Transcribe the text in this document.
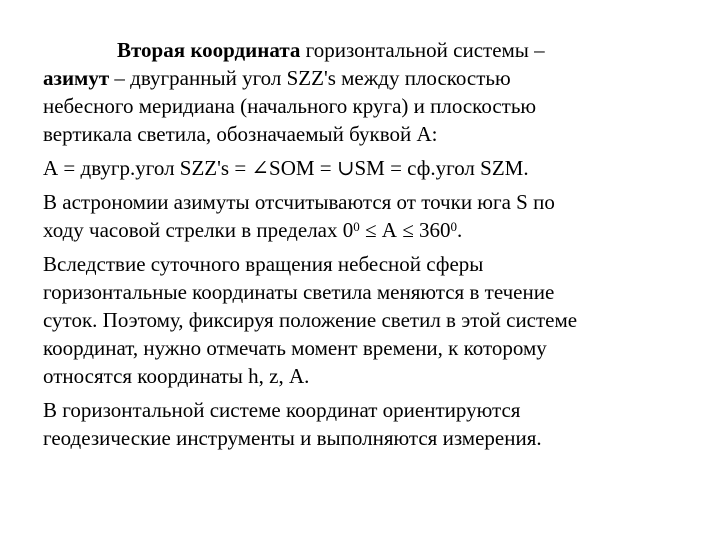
Вторая координата горизонтальной системы –
азимут – двугранный угол SZZ's между плоскостью
небесного меридиана (начального круга) и плоскостью
вертикала светила, обозначаемый буквой А:

А = двугр.угол SZZ's = ∠SОМ = ∪SМ = сф.угол SZМ.

В астрономии азимуты отсчитываются от точки юга S по
ходу часовой стрелки в пределах $0^0 \le А \le 360^0$.

Вследствие суточного вращения небесной сферы
горизонтальные координаты светила меняются в течение
суток. Поэтому, фиксируя положение светил в этой системе
координат, нужно отмечать момент времени, к которому
относятся координаты h, z, А.

В горизонтальной системе координат ориентируются
геодезические инструменты и выполняются измерения.
